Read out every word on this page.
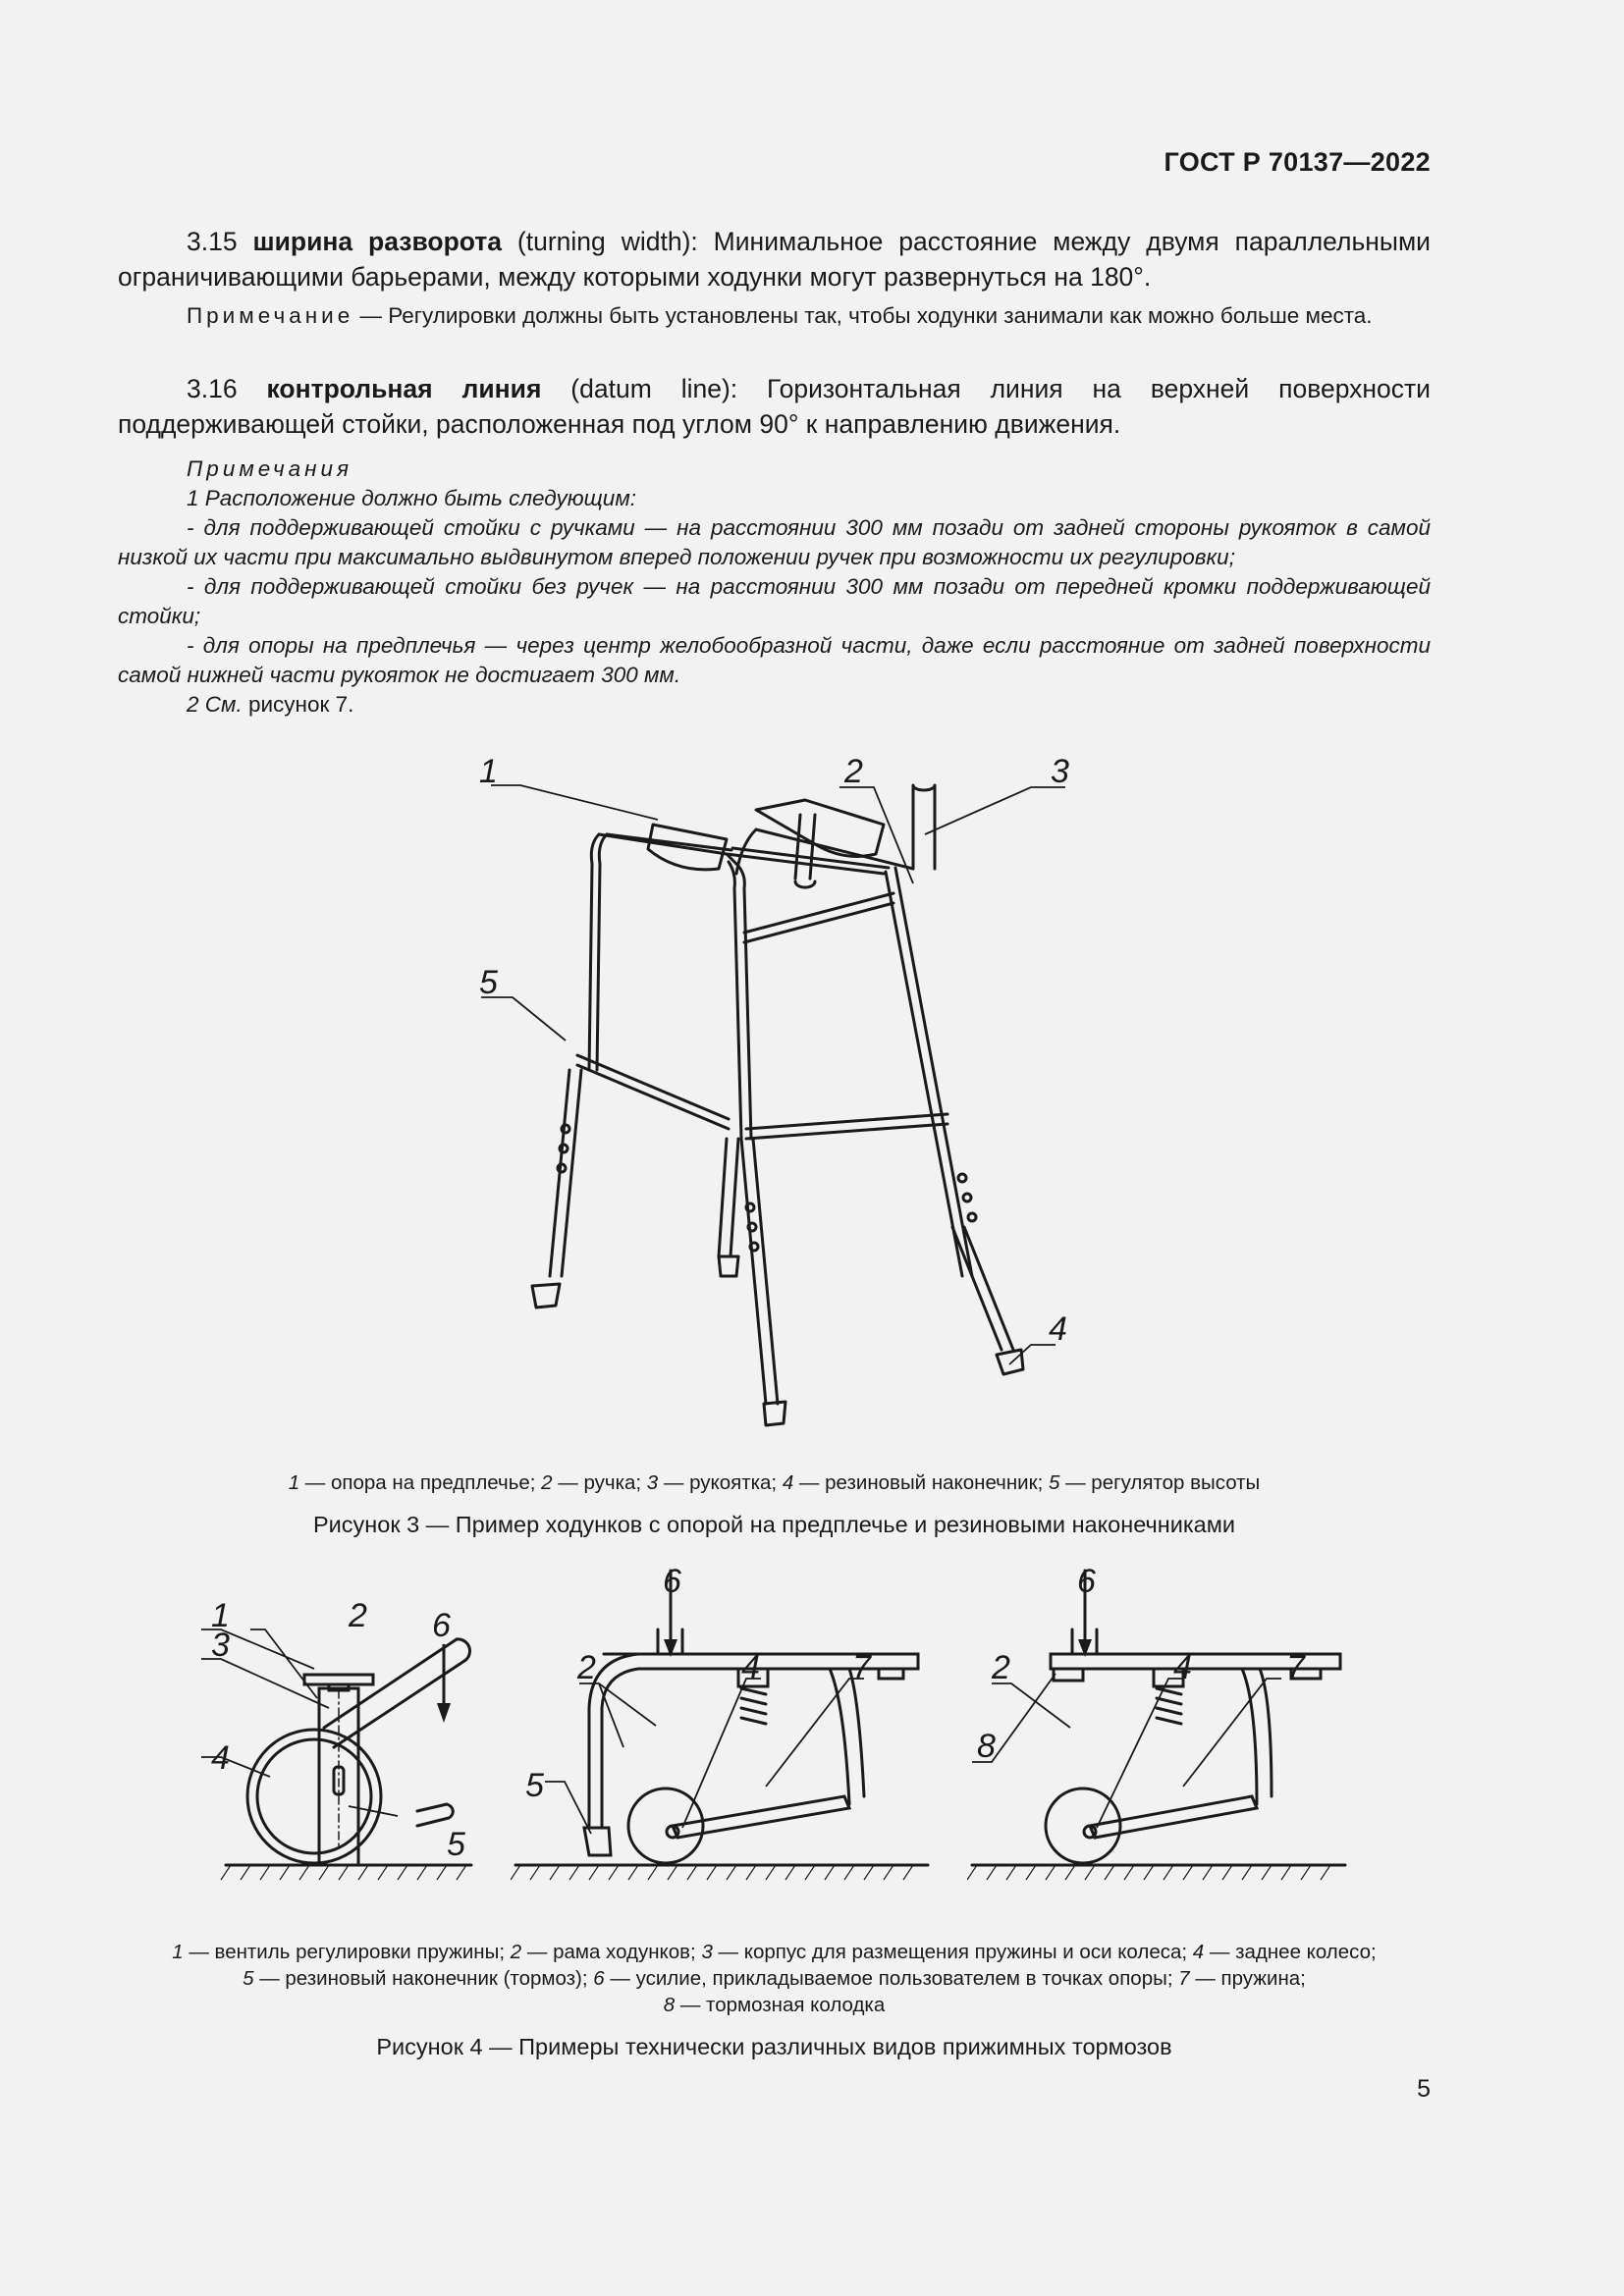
ГОСТ Р 70137—2022
3.15 ширина разворота (turning width): Минимальное расстояние между двумя параллельными ограничивающими барьерами, между которыми ходунки могут развернуться на 180°.
Примечание — Регулировки должны быть установлены так, чтобы ходунки занимали как можно больше места.
3.16 контрольная линия (datum line): Горизонтальная линия на верхней поверхности поддерживающей стойки, расположенная под углом 90° к направлению движения.
Примечания
1 Расположение должно быть следующим:
- для поддерживающей стойки с ручками — на расстоянии 300 мм позади от задней стороны рукояток в самой низкой их части при максимально выдвинутом вперед положении ручек при возможности их регулировки;
- для поддерживающей стойки без ручек — на расстоянии 300 мм позади от передней кромки поддерживающей стойки;
- для опоры на предплечья — через центр желобообразной части, даже если расстояние от задней поверхности самой нижней части рукояток не достигает 300 мм.
2 См. рисунок 7.
1	2	3
4
5
1 — опора на предплечье; 2 — ручка; 3 — рукоятка; 4 — резиновый наконечник; 5 — регулятор высоты
Рисунок 3 — Пример ходунков с опорой на предплечье и резиновыми наконечниками
1	2
3
4
5
6
6
2	4	7
5
6
2	4	7
8
1 — вентиль регулировки пружины; 2 — рама ходунков; 3 — корпус для размещения пружины и оси колеса; 4 — заднее колесо;
5 — резиновый наконечник (тормоз); 6 — усилие, прикладываемое пользователем в точках опоры; 7 — пружина;
8 — тормозная колодка
Рисунок 4 — Примеры технически различных видов прижимных тормозов
5
